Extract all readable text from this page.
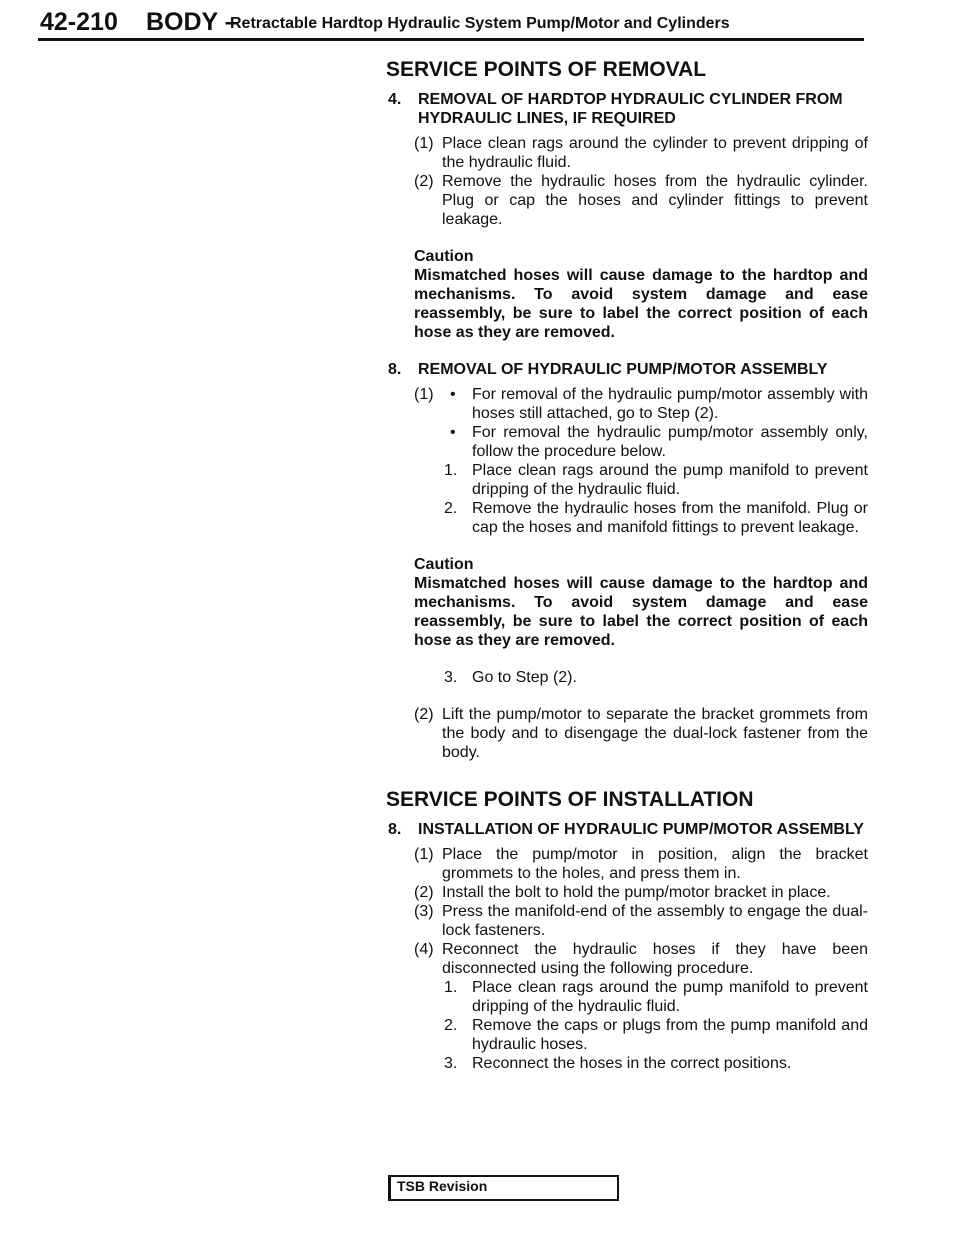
42-210 BODY –
Retractable Hardtop Hydraulic System Pump/Motor and Cylinders
SERVICE POINTS OF REMOVAL
4. REMOVAL OF HARDTOP HYDRAULIC CYLINDER FROM HYDRAULIC LINES, IF REQUIRED
(1) Place clean rags around the cylinder to prevent dripping of the hydraulic fluid.
(2) Remove the hydraulic hoses from the hydraulic cylinder. Plug or cap the hoses and cylinder fittings to prevent leakage.
Caution
Mismatched hoses will cause damage to the hardtop and mechanisms. To avoid system damage and ease reassembly, be sure to label the correct position of each hose as they are removed.
8. REMOVAL OF HYDRAULIC PUMP/MOTOR ASSEMBLY
(1) • For removal of the hydraulic pump/motor assembly with hoses still attached, go to Step (2).
• For removal the hydraulic pump/motor assembly only, follow the procedure below.
1. Place clean rags around the pump manifold to prevent dripping of the hydraulic fluid.
2. Remove the hydraulic hoses from the manifold. Plug or cap the hoses and manifold fittings to prevent leakage.
Caution
Mismatched hoses will cause damage to the hardtop and mechanisms. To avoid system damage and ease reassembly, be sure to label the correct position of each hose as they are removed.
3. Go to Step (2).
(2) Lift the pump/motor to separate the bracket grommets from the body and to disengage the dual-lock fastener from the body.
SERVICE POINTS OF INSTALLATION
8. INSTALLATION OF HYDRAULIC PUMP/MOTOR ASSEMBLY
(1) Place the pump/motor in position, align the bracket grommets to the holes, and press them in.
(2) Install the bolt to hold the pump/motor bracket in place.
(3) Press the manifold-end of the assembly to engage the dual-lock fasteners.
(4) Reconnect the hydraulic hoses if they have been disconnected using the following procedure.
1. Place clean rags around the pump manifold to prevent dripping of the hydraulic fluid.
2. Remove the caps or plugs from the pump manifold and hydraulic hoses.
3. Reconnect the hoses in the correct positions.
TSB Revision
